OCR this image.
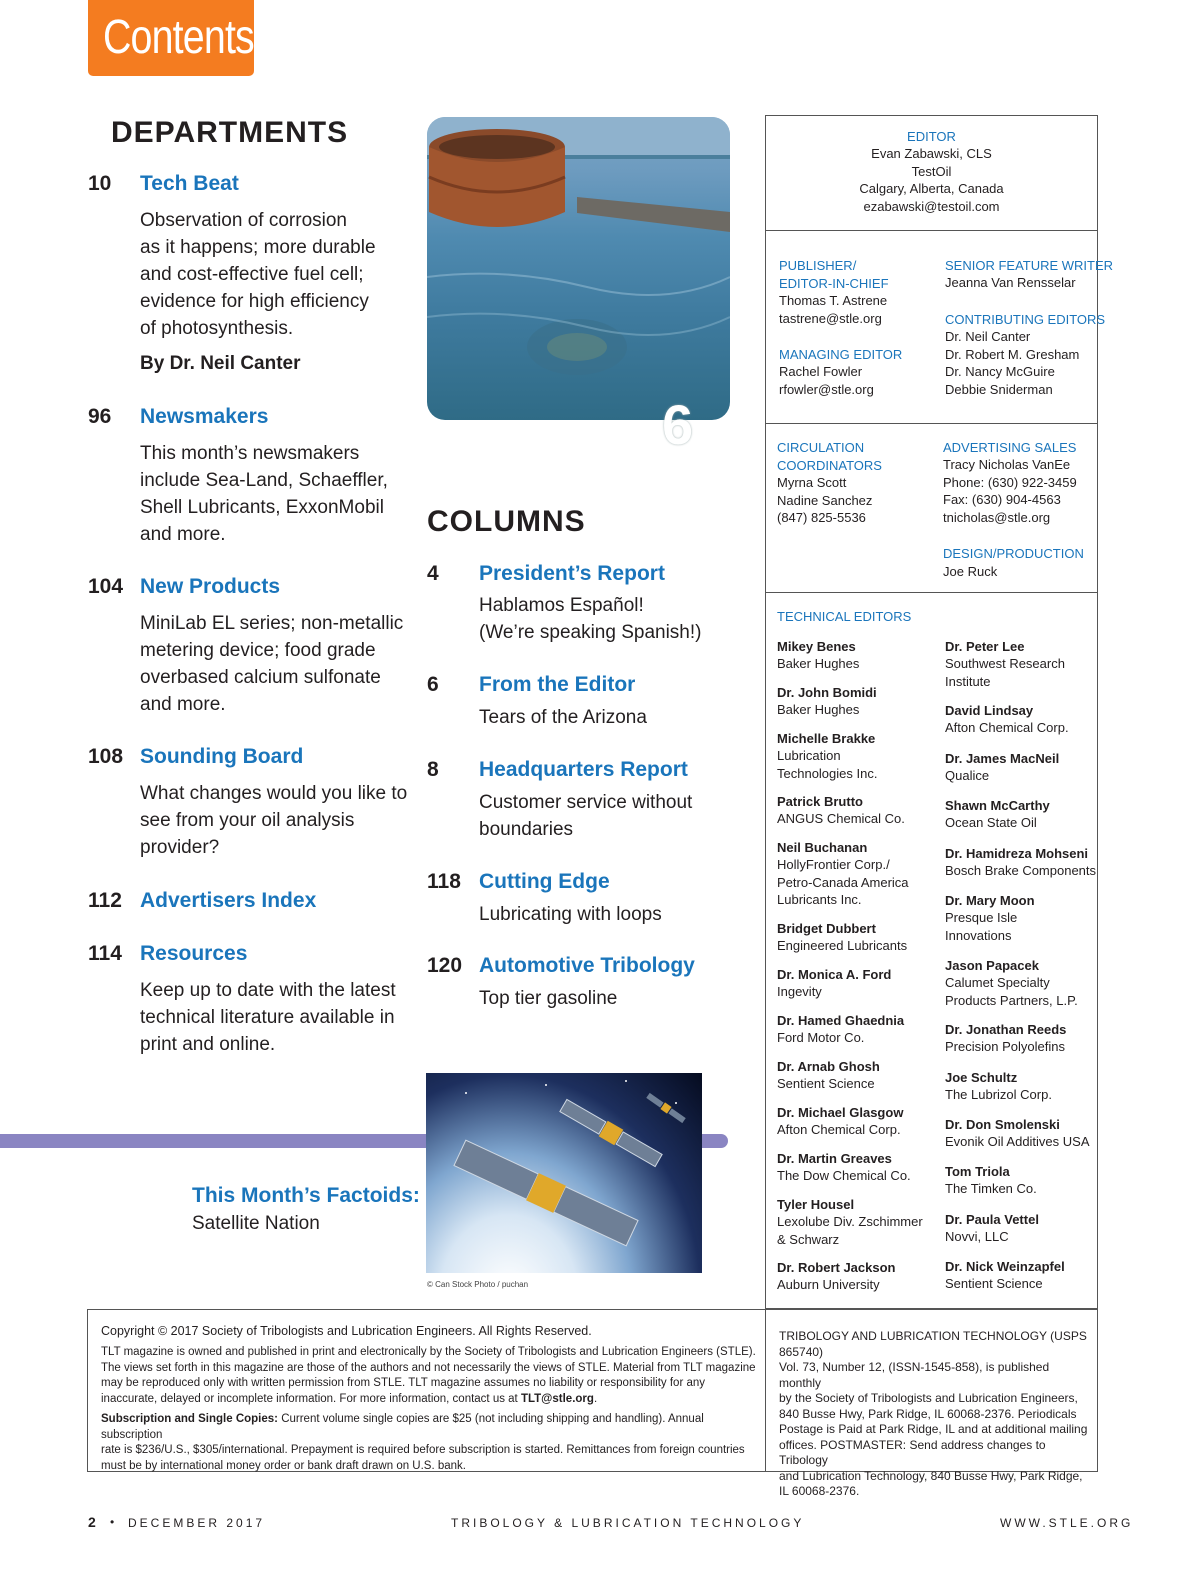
Contents
DEPARTMENTS
10 Tech Beat
Observation of corrosion
as it happens; more durable
and cost-effective fuel cell;
evidence for high efficiency
of photosynthesis.
By Dr. Neil Canter
96 Newsmakers
This month’s newsmakers
include Sea-Land, Schaeffler,
Shell Lubricants, ExxonMobil
and more.
104 New Products
MiniLab EL series; non-metallic
metering device; food grade
overbased calcium sulfonate
and more.
108 Sounding Board
What changes would you like to
see from your oil analysis
provider?
112 Advertisers Index
114 Resources
Keep up to date with the latest
technical literature available in
print and online.
6
COLUMNS
4 President’s Report
Hablamos Español!
(We’re speaking Spanish!)
6 From the Editor
Tears of the Arizona
8 Headquarters Report
Customer service without
boundaries
118 Cutting Edge
Lubricating with loops
120 Automotive Tribology
Top tier gasoline
© Can Stock Photo / puchan
This Month’s Factoids:
Satellite Nation
EDITOR
Evan Zabawski, CLS
TestOil
Calgary, Alberta, Canada
ezabawski@testoil.com
PUBLISHER/
EDITOR-IN-CHIEF
Thomas T. Astrene
tastrene@stle.org
MANAGING EDITOR
Rachel Fowler
rfowler@stle.org
SENIOR FEATURE WRITER
Jeanna Van Rensselar
CONTRIBUTING EDITORS
Dr. Neil Canter
Dr. Robert M. Gresham
Dr. Nancy McGuire
Debbie Sniderman
CIRCULATION
COORDINATORS
Myrna Scott
Nadine Sanchez
(847) 825-5536
ADVERTISING SALES
Tracy Nicholas VanEe
Phone: (630) 922-3459
Fax: (630) 904-4563
tnicholas@stle.org
DESIGN/PRODUCTION
Joe Ruck
TECHNICAL EDITORS
Mikey Benes
Baker Hughes
Dr. John Bomidi
Baker Hughes
Michelle Brakke
Lubrication
Technologies Inc.
Patrick Brutto
ANGUS Chemical Co.
Neil Buchanan
HollyFrontier Corp./
Petro-Canada America
Lubricants Inc.
Bridget Dubbert
Engineered Lubricants
Dr. Monica A. Ford
Ingevity
Dr. Hamed Ghaednia
Ford Motor Co.
Dr. Arnab Ghosh
Sentient Science
Dr. Michael Glasgow
Afton Chemical Corp.
Dr. Martin Greaves
The Dow Chemical Co.
Tyler Housel
Lexolube Div. Zschimmer
& Schwarz
Dr. Robert Jackson
Auburn University
Dr. Peter Lee
Southwest Research
Institute
David Lindsay
Afton Chemical Corp.
Dr. James MacNeil
Qualice
Shawn McCarthy
Ocean State Oil
Dr. Hamidreza Mohseni
Bosch Brake Components
Dr. Mary Moon
Presque Isle
Innovations
Jason Papacek
Calumet Specialty
Products Partners, L.P.
Dr. Jonathan Reeds
Precision Polyolefins
Joe Schultz
The Lubrizol Corp.
Dr. Don Smolenski
Evonik Oil Additives USA
Tom Triola
The Timken Co.
Dr. Paula Vettel
Novvi, LLC
Dr. Nick Weinzapfel
Sentient Science
Copyright © 2017 Society of Tribologists and Lubrication Engineers. All Rights Reserved.
TLT magazine is owned and published in print and electronically by the Society of Tribologists and Lubrication Engineers (STLE).
The views set forth in this magazine are those of the authors and not necessarily the views of STLE. Material from TLT magazine
may be reproduced only with written permission from STLE. TLT magazine assumes no liability or responsibility for any
inaccurate, delayed or incomplete information. For more information, contact us at TLT@stle.org.
Subscription and Single Copies: Current volume single copies are $25 (not including shipping and handling). Annual subscription
rate is $236/U.S., $305/international. Prepayment is required before subscription is started. Remittances from foreign countries
must be by international money order or bank draft drawn on U.S. bank.
TRIBOLOGY AND LUBRICATION TECHNOLOGY (USPS 865740)
Vol. 73, Number 12, (ISSN-1545-858), is published monthly
by the Society of Tribologists and Lubrication Engineers,
840 Busse Hwy, Park Ridge, IL 60068-2376. Periodicals
Postage is Paid at Park Ridge, IL and at additional mailing
offices. POSTMASTER: Send address changes to Tribology
and Lubrication Technology, 840 Busse Hwy, Park Ridge,
IL 60068-2376.
2 • DECEMBER 2017	TRIBOLOGY & LUBRICATION TECHNOLOGY	WWW.STLE.ORG
